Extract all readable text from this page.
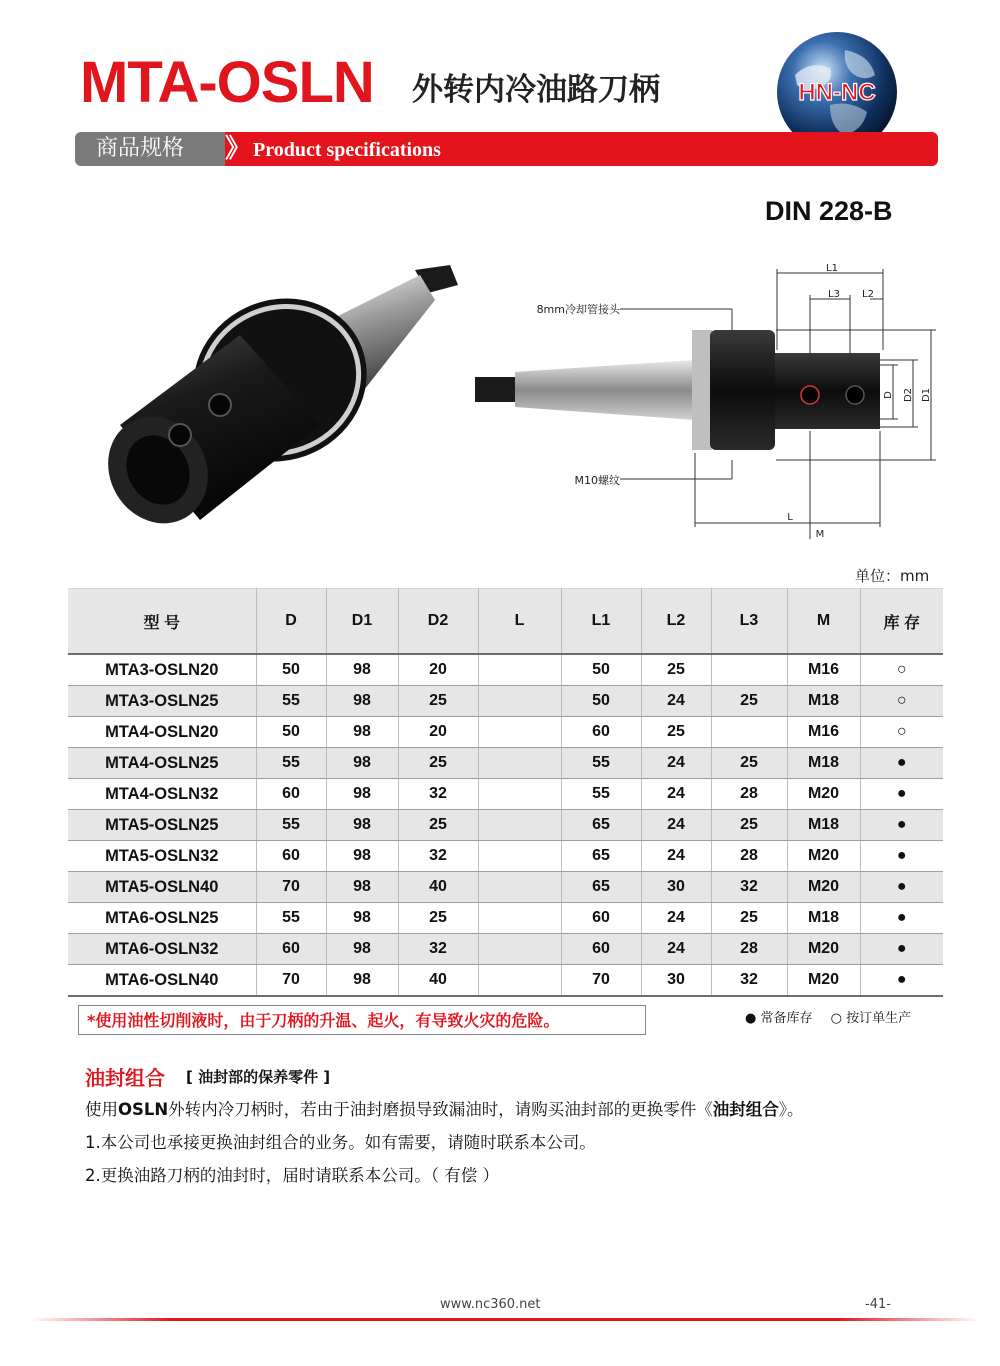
MTA-OSLN 外转内冷油路刀柄	HN-NC
商品规格 》 Product specifications
DIN 228-B
8mm冷却管接头
M10螺纹
L1
L3 L2
D D2 D1
L
M
单位：mm
型 号	D	D1	D2	L	L1	L2	L3	M	库 存
MTA3-OSLN20	50	98	20		50	25		M16	○
MTA3-OSLN25	55	98	25		50	24	25	M18	○
MTA4-OSLN20	50	98	20		60	25		M16	○
MTA4-OSLN25	55	98	25		55	24	25	M18	●
MTA4-OSLN32	60	98	32		55	24	28	M20	●
MTA5-OSLN25	55	98	25		65	24	25	M18	●
MTA5-OSLN32	60	98	32		65	24	28	M20	●
MTA5-OSLN40	70	98	40		65	30	32	M20	●
MTA6-OSLN25	55	98	25		60	24	25	M18	●
MTA6-OSLN32	60	98	32		60	24	28	M20	●
MTA6-OSLN40	70	98	40		70	30	32	M20	●
*使用油性切削液时，由于刀柄的升温、起火，有导致火灾的危险。	● 常备库存 ○ 按订单生产
油封组合 [ 油封部的保养零件 ]
使用OSLN外转内冷刀柄时，若由于油封磨损导致漏油时，请购买油封部的更换零件《油封组合》。
1.本公司也承接更换油封组合的业务。如有需要，请随时联系本公司。
2.更换油路刀柄的油封时，届时请联系本公司。（ 有偿 ）
www.nc360.net	-41-
